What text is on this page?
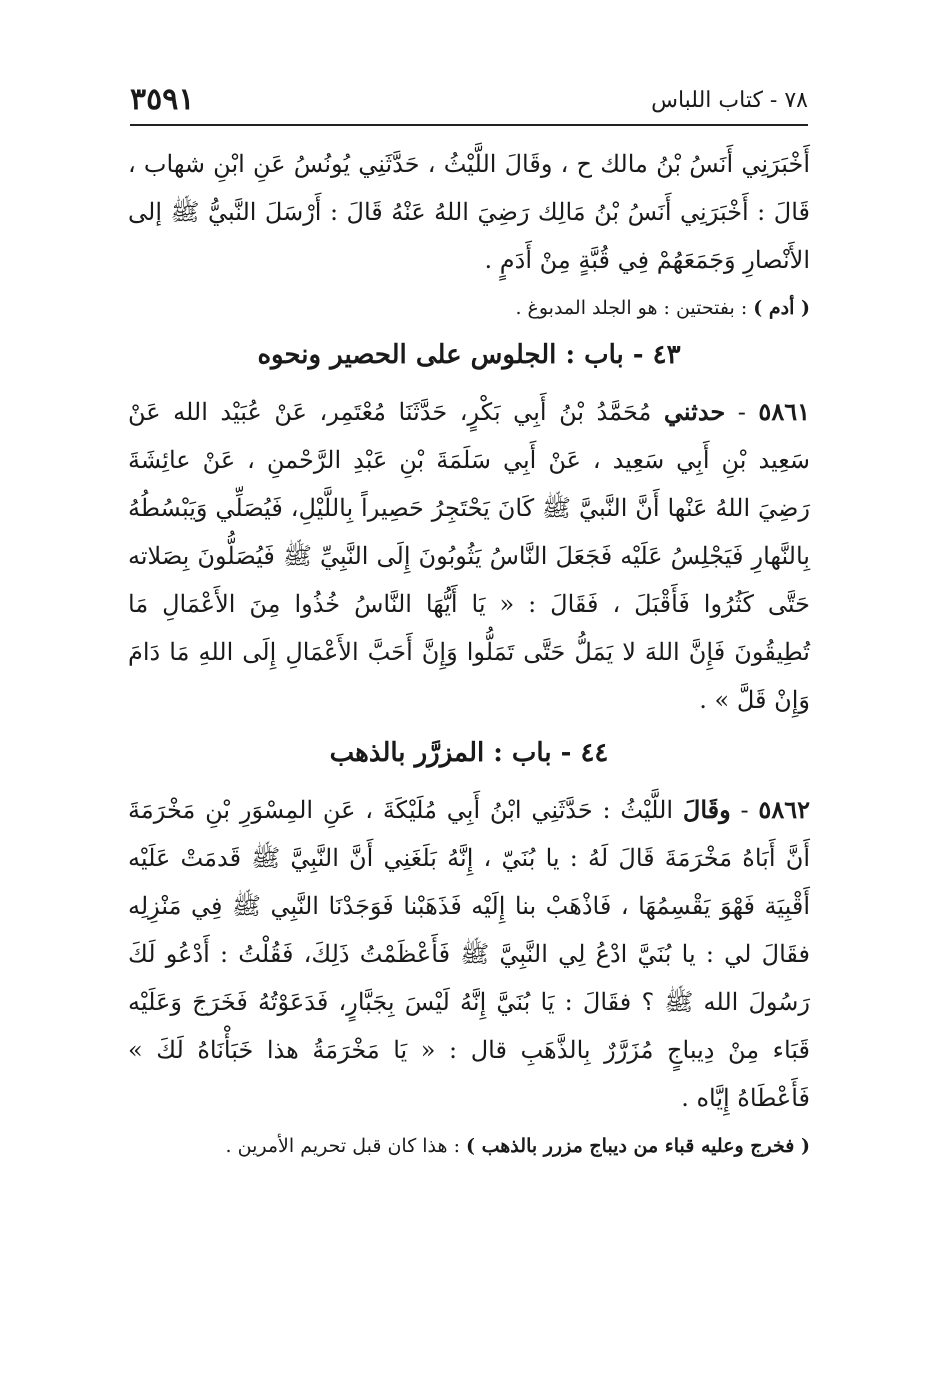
٣٥٩١	٧٨ - كتاب اللباس

أَخْبَرَنِي أَنَسُ بْنُ مالك ح ، وقَالَ اللَّيْثُ ، حَدَّثَنِي يُونُسُ عَنِ ابْنِ شهاب ، قَالَ : أَخْبَرَنِي أَنَسُ بْنُ مَالِك رَضِيَ اللهُ عَنْهُ قَالَ : أَرْسَلَ النَّبيُّ ﷺ إلى الأَنْصارِ وَجَمَعَهُمْ فِي قُبَّةٍ مِنْ أَدَمٍ .

( أدم ) : بفتحتين : هو الجلد المدبوغ .

٤٣ - باب : الجلوس على الحصير ونحوه

٥٨٦١ - حدثني مُحَمَّدُ بْنُ أَبِي بَكْرٍ، حَدَّثَنَا مُعْتَمِر، عَنْ عُبَيْد الله عَنْ سَعِيد بْنِ أَبِي سَعِيد ، عَنْ أَبِي سَلَمَةَ بْنِ عَبْدِ الرَّحْمنِ ، عَنْ عائِشَةَ رَضِيَ اللهُ عَنْها أَنَّ النَّبيَّ ﷺ كَانَ يَحْتَجِرُ حَصِيراً بِاللَّيْلِ، فَيُصَلِّي وَيَبْسُطُهُ بِالنَّهارِ فَيَجْلِسُ عَلَيْه فَجَعَلَ النَّاسُ يَثُوبُونَ إِلَى النَّبِيِّ ﷺ فَيُصَلُّونَ بِصَلاته حَتَّى كَثُرُوا فَأَقْبَلَ ، فَقَالَ : « يَا أَيُّهَا النَّاسُ خُذُوا مِنَ الأَعْمَالِ مَا تُطِيقُونَ فَإِنَّ اللهَ لا يَمَلُّ حَتَّى تَمَلُّوا وَإِنَّ أَحَبَّ الأَعْمَالِ إِلَى اللهِ مَا دَامَ وَإِنْ قَلَّ » .

٤٤ - باب : المزرَّر بالذهب

٥٨٦٢ - وقَالَ اللَّيْثُ : حَدَّثَنِي ابْنُ أَبِي مُلَيْكَةَ ، عَنِ المِسْوَرِ بْنِ مَخْرَمَةَ أَنَّ أَبَاهُ مَخْرَمَةَ قَالَ لَهُ : يا بُنَيّ ، إِنَّهُ بَلَغَنِي أَنَّ النَّبِيَّ ﷺ قَدمَتْ عَلَيْه أَقْبِيَة فَهْوَ يَقْسِمُهَا ، فَاذْهَبْ بنا إِلَيْه فَذَهَبْنا فَوَجَدْنَا النَّبِي ﷺ فِي مَنْزِلِه فقَالَ لي : يا بُنَيَّ ادْعُ لِي النَّبِيَّ ﷺ فَأَعْظَمْتُ ذَلِكَ، فَقُلْتُ : أَدْعُو لَكَ رَسُولَ الله ﷺ ؟ فقَالَ : يَا بُنَيَّ إِنَّهُ لَيْسَ بِجَبَّارٍ، فَدَعَوْتُهُ فَخَرَجَ وَعَلَيْه قَبَاء مِنْ دِيباجٍ مُزَرَّرٌ بِالذَّهَبِ قال : « يَا مَخْرَمَةُ هذا خَبَأْنَاهُ لَكَ » فَأَعْطَاهُ إِيَّاه .

( فخرج وعليه قباء من ديباج مزرر بالذهب ) : هذا كان قبل تحريم الأمرين .
